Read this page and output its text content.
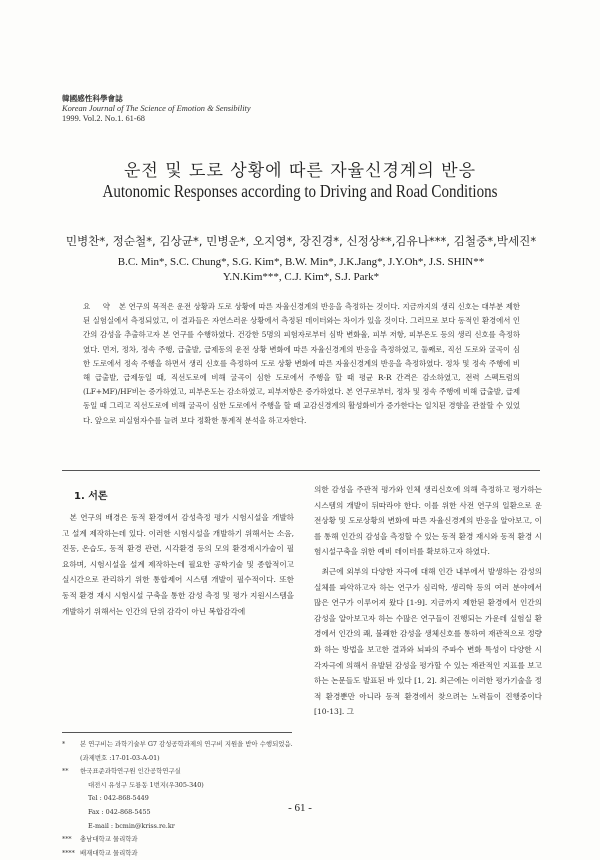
韓國感性科學會誌
Korean Journal of The Science of Emotion & Sensibility
1999. Vol.2. No.1. 61-68
운전 및 도로 상황에 따른 자율신경계의 반응
Autonomic Responses according to Driving and Road Conditions
민병찬*, 정순철*, 김상균*, 민병운*, 오지영*, 장진경*, 신정상**,김유나***, 김철중*,박세진*
B.C. Min*, S.C. Chung*, S.G. Kim*, B.W. Min*, J.K.Jang*, J.Y.Oh*, J.S. SHIN**
Y.N.Kim***, C.J. Kim*, S.J. Park*

요 약 본 연구의 목적은 운전 상황과 도로 상황에 따른 자율신경계의 반응을 측정하는 것이다. 지금까지의 생리 신호는 대부분 제한된 실험실에서 측정되었고, 이 결과들은 자연스러운 상황에서 측정된 데이터와는 차이가 있을 것이다. 그러므로 보다 동적인 환경에서 인간의 감성을 추출하고자 본 연구를 수행하였다. 건강한 5명의 피험자로부터 심박 변화율, 피부 저항, 피부온도 등의 생리 신호를 측정하였다. 먼저, 정차, 정속 주행, 급출발, 급제동의 운전 상황 변화에 따른 자율신경계의 반응을 측정하였고, 둘째로, 직선 도로와 굴곡이 심한 도로에서 정속 주행을 하면서 생리 신호를 측정하여 도로 상황 변화에 따른 자율신경계의 반응을 측정하였다. 정차 및 정속 주행에 비해 급출발, 급제동일 때, 직선도로에 비해 굴곡이 심한 도로에서 주행을 할 때 평균 R-R 간격은 감소하였고, 전력 스펙트럼의 (LF+MF)/HF비는 증가하였고, 피부온도는 감소하였고, 피부저항은 증가하였다. 본 연구로부터, 정차 및 정속 주행에 비해 급출발, 급제동일 때 그리고 직선도로에 비해 굴곡이 심한 도로에서 주행을 할 때 교감신경계의 활성화비가 증가한다는 일치된 경향을 관찰할 수 있었다. 앞으로 피실험자수를 늘려 보다 정확한 통계적 분석을 하고자한다.

1. 서론

본 연구의 배경은 동적 환경에서 감성측정 평가 시험시설을 개발하고 설계 제작하는데 있다. 이러한 시험시설을 개발하기 위해서는 소음, 진동, 온습도, 동적 환경 관련, 시각환경 등의 모의 환경재시가술이 필요하며, 시험시설을 설계 제작하는데 필요한 공학기술 및 종합적이고 실시간으로 관리하기 위한 통합제어 시스템 개발이 필수적이다. 또한 동적 환경 재시 시험시설 구축을 통한 감성 측정 및 평가 지원시스템을 개발하기 위해서는 인간의 단위 감각이 아닌 복합감각에

의한 감성을 주관적 평가와 인체 생리신호에 의해 측정하고 평가하는 시스템의 개발이 뒤따라야 한다. 이를 위한 사전 연구의 일환으로 운전상황 및 도로상황의 변화에 따른 자율신경계의 반응을 알아보고, 이를 통해 인간의 감성을 측정할 수 있는 동적 환경 재시와 동적 환경 시험시설구축을 위한 예비 데이터를 확보하고자 하였다.

최근에 외부의 다양한 자극에 대해 인간 내부에서 발생하는 감성의 실체를 파악하고자 하는 연구가 심리학, 생리학 등의 여러 분야에서 많은 연구가 이루어져 왔다 [1-9]. 지금까지 제한된 환경에서 인간의 감성을 알아보고자 하는 수많은 연구들이 진행되는 가운데 실험실 환경에서 인간의 쾌, 불쾌한 감성을 생체신호를 통하여 재관적으로 정량화 하는 방법을 보고한 결과와 뇌파의 주파수 변화 특성이 다양한 시각자극에 의해서 유발된 감성을 평가할 수 있는 재관적인 지표를 보고하는 논문들도 발표된 바 있다 [1, 2]. 최근에는 이러한 평가기술을 정적 환경뿐만 아니라 동적 환경에서 찾으려는 노력들이 진행중이다 [10-13]. 그

*	본 연구비는 과학기술부 G7 감성공학과제의 연구비 지원을 받아 수행되었음. (과제번호 :17-01-03-A-01)
**	한국표준과학연구원 인간공학연구실
대전시 유성구 도룡동 1번지(우305-340)
Tel : 042-868-5449
Fax : 042-868-5455
E-mail : bcmin@kriss.re.kr
***	충남대학교 물리학과
**** 배재대학교 물리학과
- 61 -
